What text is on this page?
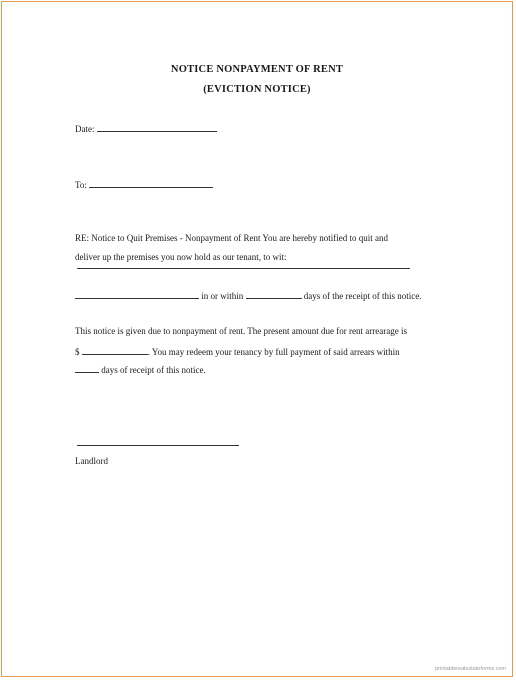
NOTICE NONPAYMENT OF RENT
(EVICTION NOTICE)
Date:
To:
RE: Notice to Quit Premises - Nonpayment of Rent You are hereby notified to quit and
deliver up the premises you now hold as our tenant, to wit:
in or within	days of the receipt of this notice.
This notice is given due to nonpayment of rent. The present amount due for rent arrearage is
$	. You may redeem your tenancy by full payment of said arrears within
days of receipt of this notice.
Landlord
printablerealestateforms.com
